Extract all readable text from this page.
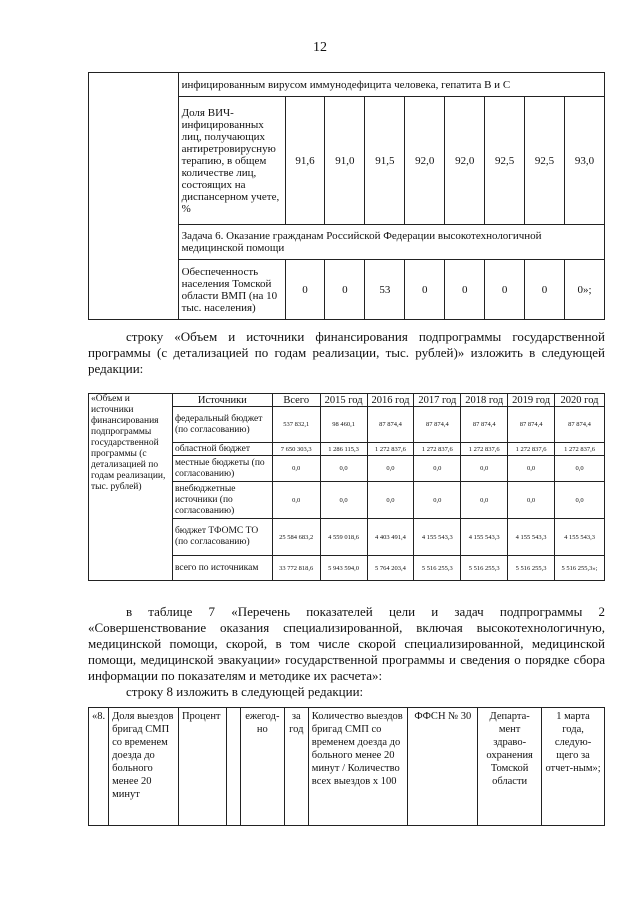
12
	инфицированным вирусом иммунодефицита человека, гепатита В и С								
	Доля ВИЧ-инфицированных лиц, получающих антиретровирусную терапию, в общем количестве лиц, состоящих на диспансерном учете, %	91,6	91,0	91,5	92,0	92,0	92,5	92,5	93,0
	Задача 6. Оказание гражданам Российской Федерации высокотехнологичной медицинской помощи								
	Обеспеченность населения Томской области ВМП (на 10 тыс. населения)	0	0	53	0	0	0	0	0»;
строку «Объем и источники финансирования подпрограммы государственной программы (с детализацией по годам реализации, тыс. рублей)» изложить в следующей редакции:
«Объем и источники финансирования подпрограммы государственной программы (с детализацией по годам реализации, тыс. рублей)	Источники	Всего	2015 год	2016 год	2017 год	2018 год	2019 год	2020 год
	федеральный бюджет (по согласованию)	537 832,1	98 460,1	87 874,4	87 874,4	87 874,4	87 874,4	87 874,4
	областной бюджет	7 650 303,3	1 286 115,3	1 272 837,6	1 272 837,6	1 272 837,6	1 272 837,6	1 272 837,6
	местные бюджеты (по согласованию)	0,0	0,0	0,0	0,0	0,0	0,0	0,0
	внебюджетные источники (по согласованию)	0,0	0,0	0,0	0,0	0,0	0,0	0,0
	бюджет ТФОМС ТО (по согласованию)	25 584 683,2	4 559 018,6	4 403 491,4	4 155 543,3	4 155 543,3	4 155 543,3	4 155 543,3
	всего по источникам	33 772 818,6	5 943 594,0	5 764 203,4	5 516 255,3	5 516 255,3	5 516 255,3	5 516 255,3»;
в таблице 7 «Перечень показателей цели и задач подпрограммы 2 «Совершенствование оказания специализированной, включая высокотехнологичную, медицинской помощи, скорой, в том числе скорой специализированной, медицинской помощи, медицинской эвакуации» государственной программы и сведения о порядке сбора информации по показателям и методике их расчета»:
строку 8 изложить в следующей редакции:
«8.	Доля выездов бригад СМП со временем доезда до больного менее 20 минут	Процент		ежегод-но	за год	Количество выездов бригад СМП со временем доезда до больного менее 20 минут / Количество всех выездов х 100	ФФСН № 30	Департа-мент здраво-охранения Томской области	1 марта года, следую-щего за отчет-ным»;
